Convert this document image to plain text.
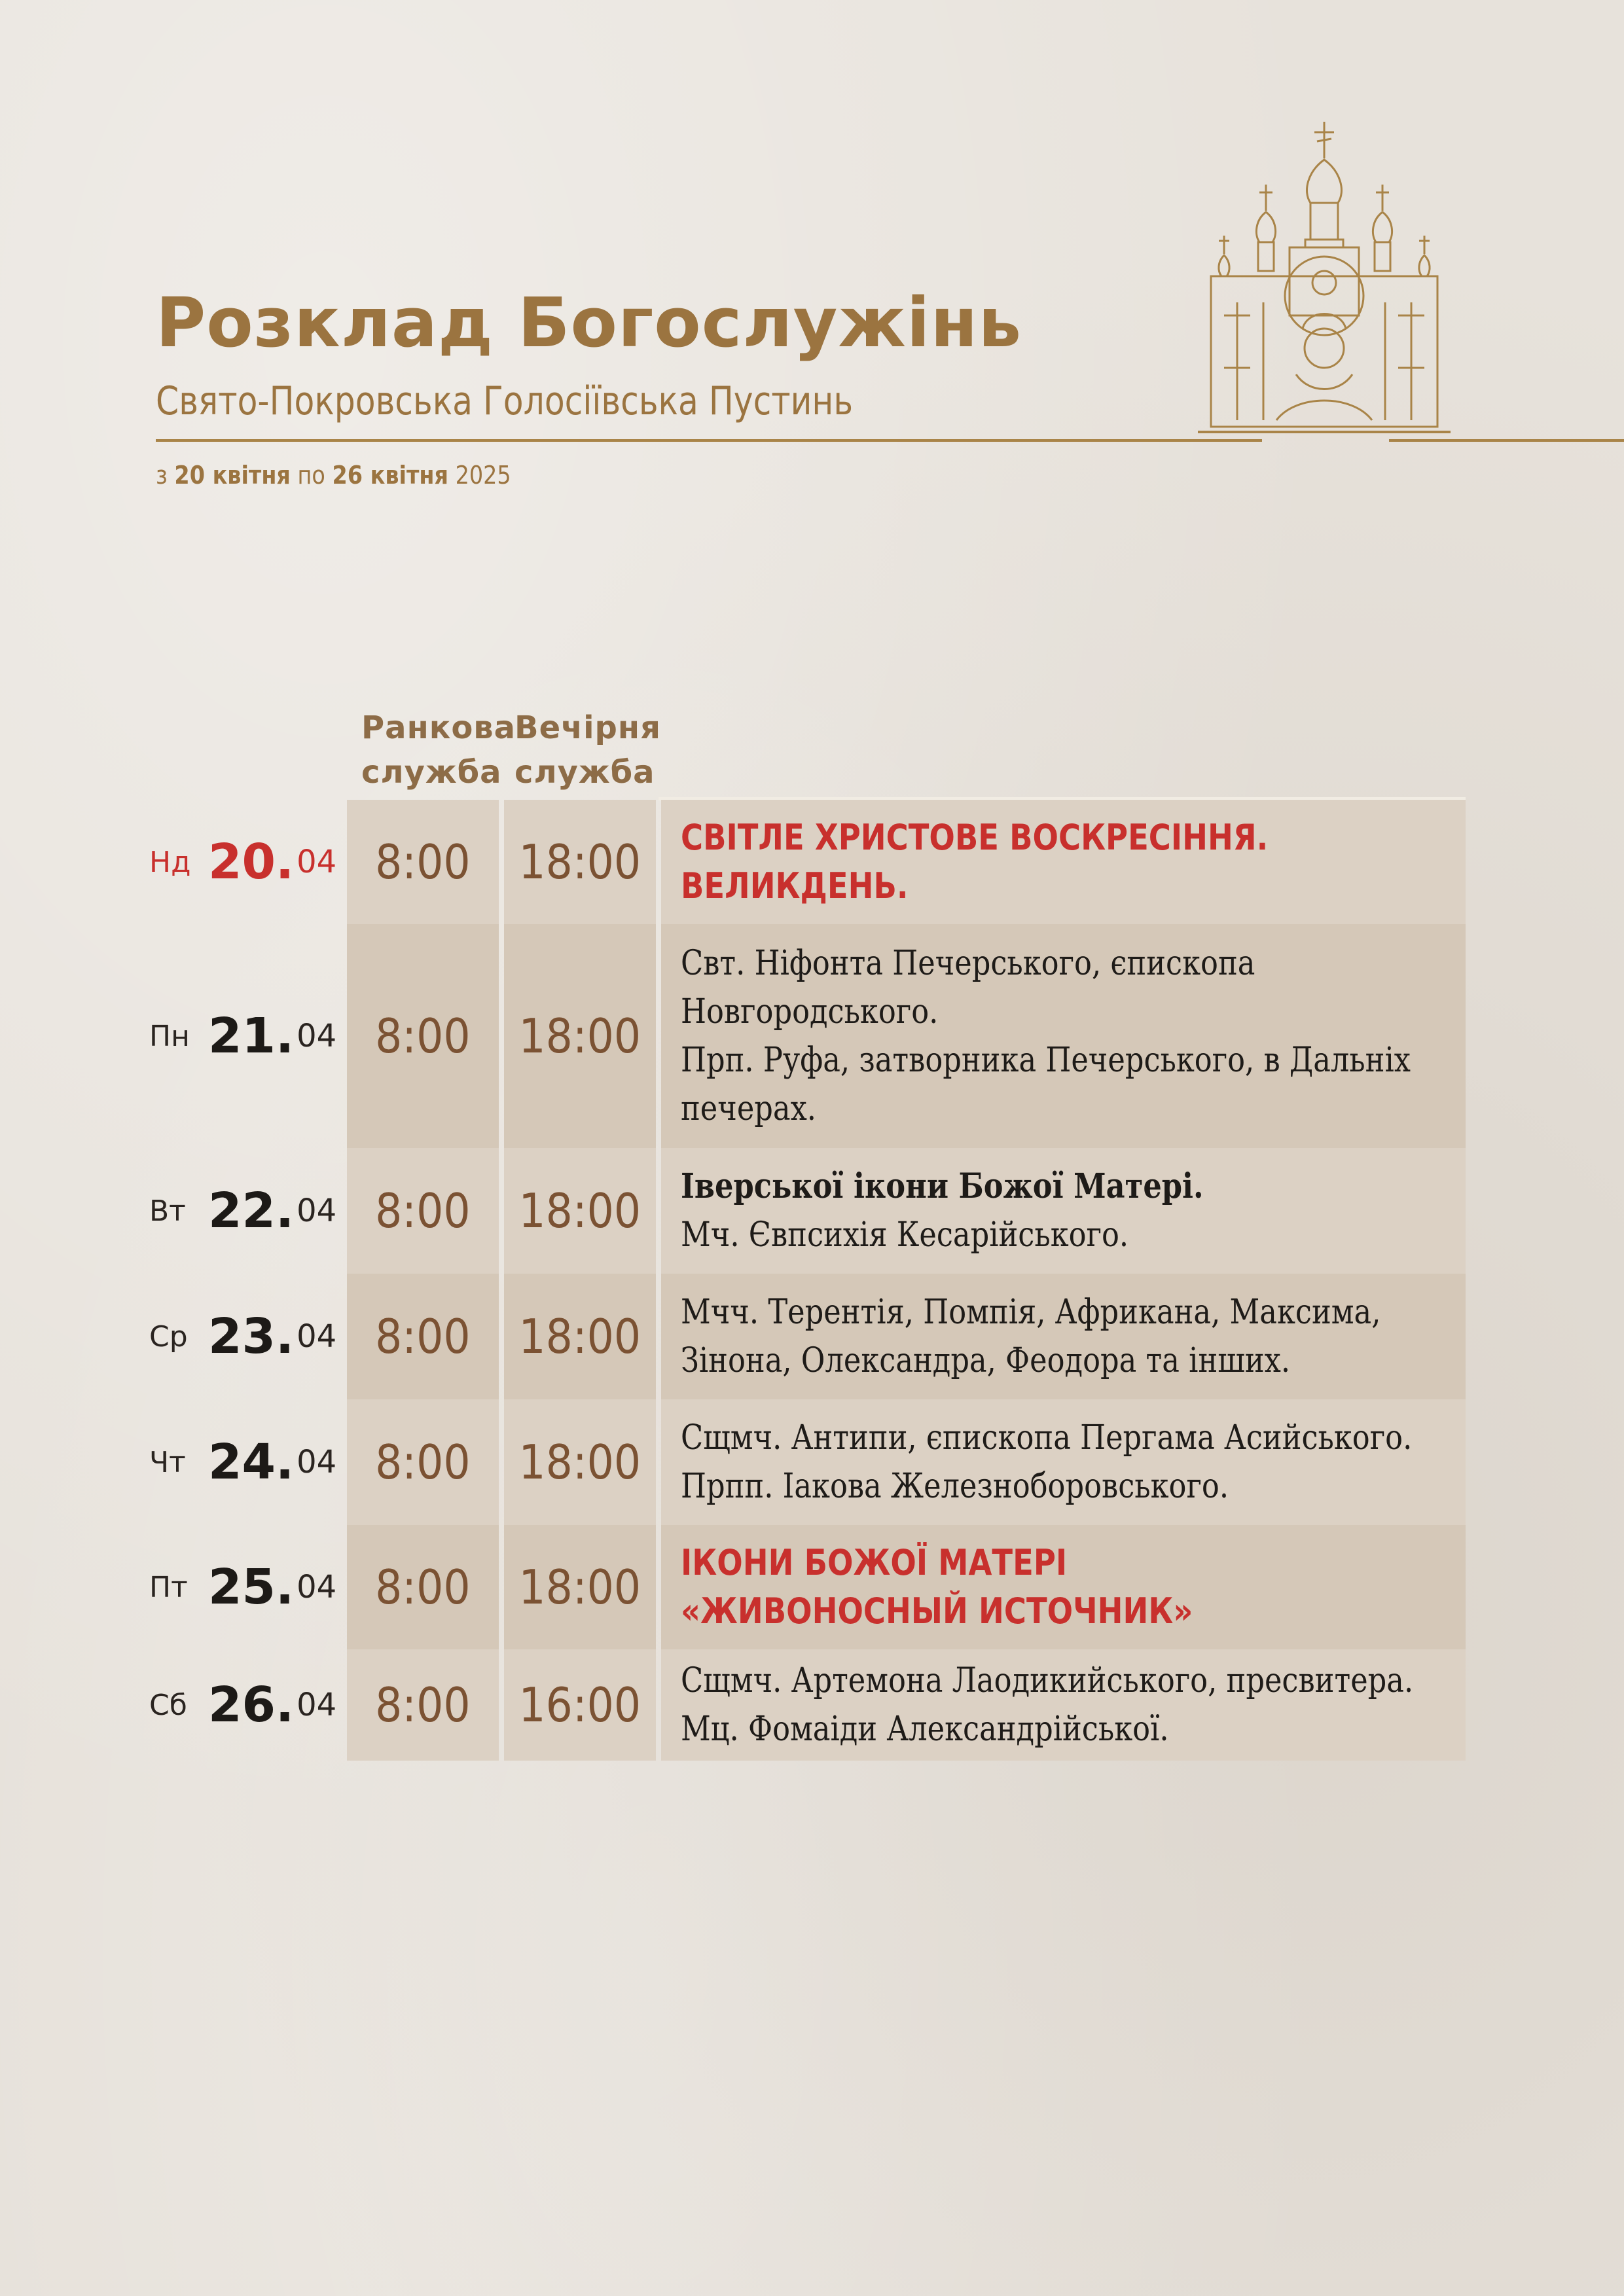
Розклад Богослужінь
Свято-Покровська Голосіївська Пустинь
з 20 квітня по 26 квітня 2025
Ранкова
служба
Вечірня
служба
Нд 20. 04 8:00 18:00 СВІТЛЕ ХРИСТОВЕ ВОСКРЕСІННЯ.
ВЕЛИКДЕНЬ.
Пн 21. 04 8:00 18:00
Свт. Ніфонта Печерського, єпископа
Новгородського.
Прп. Руфа, затворника Печерського, в Дальніх
печерах.
Вт 22. 04 8:00 18:00 Іверської ікони Божої Матері.
Мч. Євпсихія Кесарійського.
Ср 23. 04 8:00 18:00 Мчч. Терентія, Помпія, Африкана, Максима,
Зінона, Олександра, Феодора та інших.
Чт 24. 04 8:00 18:00 Сщмч. Антипи, єпископа Пергама Асийського.
Прпп. Іакова Железноборовського.
Пт 25. 04 8:00 18:00 ІКОНИ БОЖОЇ МАТЕРІ
«ЖИВОНОСНЫЙ ИСТОЧНИК»
Сб 26. 04 8:00 16:00 Сщмч. Артемона Лаодикийського, пресвитера.
Мц. Фомаіди Александрійської.
